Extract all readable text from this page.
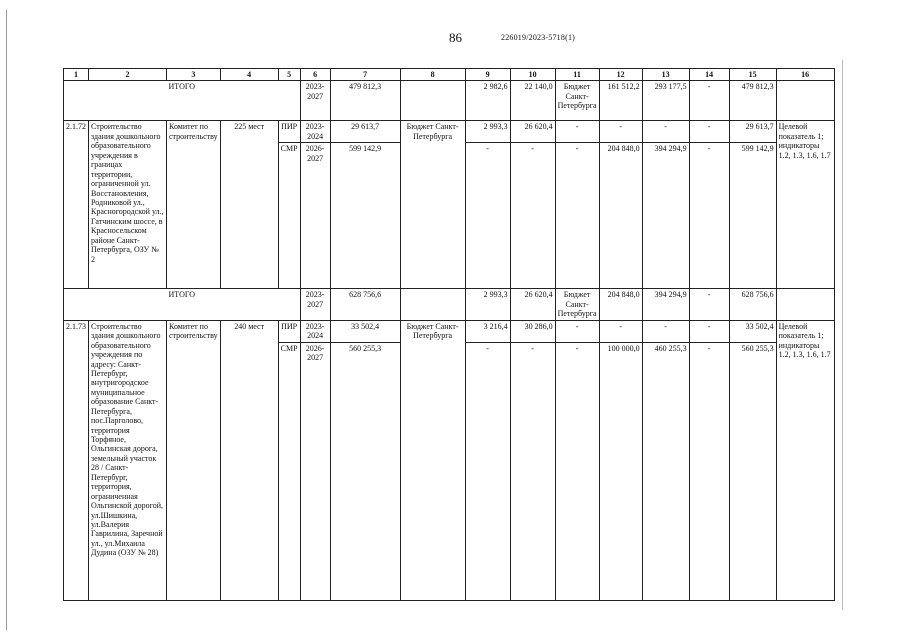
86	226019/2023-5718(1)
1	2	3	4	5	6	7	8	9	10	11	12	13	14	15	16
ИТОГО					2023-2027	479 812,3		2 982,6	22 140,0	Бюджет Санкт-Петербурга	161 512,2	293 177,5	-	479 812,3	
2.1.72	Строительство здания дошкольного образовательного учреждения в границах территории, ограниченной ул. Восстановления, Родниковой ул., Красногородской ул., Гатчинским шоссе, в Красносельском районе Санкт-Петербурга, ОЗУ № 2	Комитет по строительству	225 мест	ПИР	2023-2024	29 613,7	Бюджет Санкт-Петербурга	2 993,3	26 620,4	-	-	-	-	29 613,7	Целевой показатель 1; индикаторы 1.2, 1.3, 1.6, 1.7
				СМР	2026-2027	599 142,9		-	-	-	204 848,0	394 294,9	-	599 142,9	
ИТОГО					2023-2027	628 756,6		2 993,3	26 620,4	Бюджет Санкт-Петербурга	204 848,0	394 294,9	-	628 756,6	
2.1.73	Строительство здания дошкольного образовательного учреждения по адресу: Санкт-Петербург, внутригородское муниципальное образование Санкт-Петербурга, пос.Парголово, территория Торфяное, Ольгинская дорога, земельный участок 28 / Санкт-Петербург, территория, ограниченная Ольгинской дорогой, ул.Шишкина, ул.Валерия Гаврилина, Заречной ул., ул.Михаила Дудина (ОЗУ № 28)	Комитет по строительству	240 мест	ПИР	2023-2024	33 502,4	Бюджет Санкт-Петербурга	3 216,4	30 286,0	-	-	-	-	33 502,4	Целевой показатель 1; индикаторы 1.2, 1.3, 1.6, 1.7
				СМР	2026-2027	560 255,3		-	-	-	100 000,0	460 255,3	-	560 255,3	
